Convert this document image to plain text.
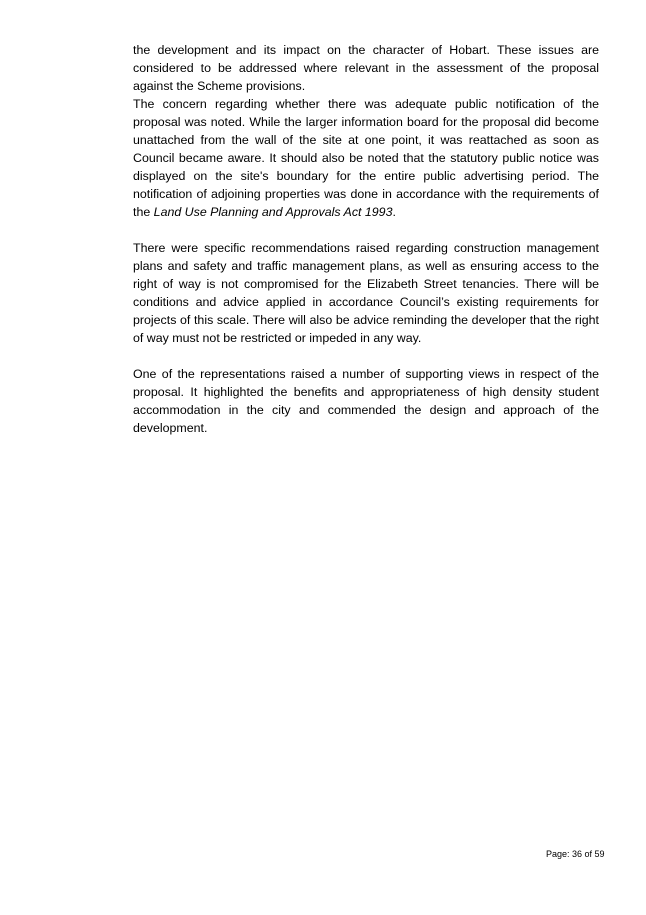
the development and its impact on the character of Hobart. These issues are considered to be addressed where relevant in the assessment of the proposal against the Scheme provisions.

The concern regarding whether there was adequate public notification of the proposal was noted. While the larger information board for the proposal did become unattached from the wall of the site at one point, it was reattached as soon as Council became aware. It should also be noted that the statutory public notice was displayed on the site's boundary for the entire public advertising period. The notification of adjoining properties was done in accordance with the requirements of the Land Use Planning and Approvals Act 1993.

There were specific recommendations raised regarding construction management plans and safety and traffic management plans, as well as ensuring access to the right of way is not compromised for the Elizabeth Street tenancies. There will be conditions and advice applied in accordance Council’s existing requirements for projects of this scale. There will also be advice reminding the developer that the right of way must not be restricted or impeded in any way.

One of the representations raised a number of supporting views in respect of the proposal. It highlighted the benefits and appropriateness of high density student accommodation in the city and commended the design and approach of the development.

Page: 36 of 59
